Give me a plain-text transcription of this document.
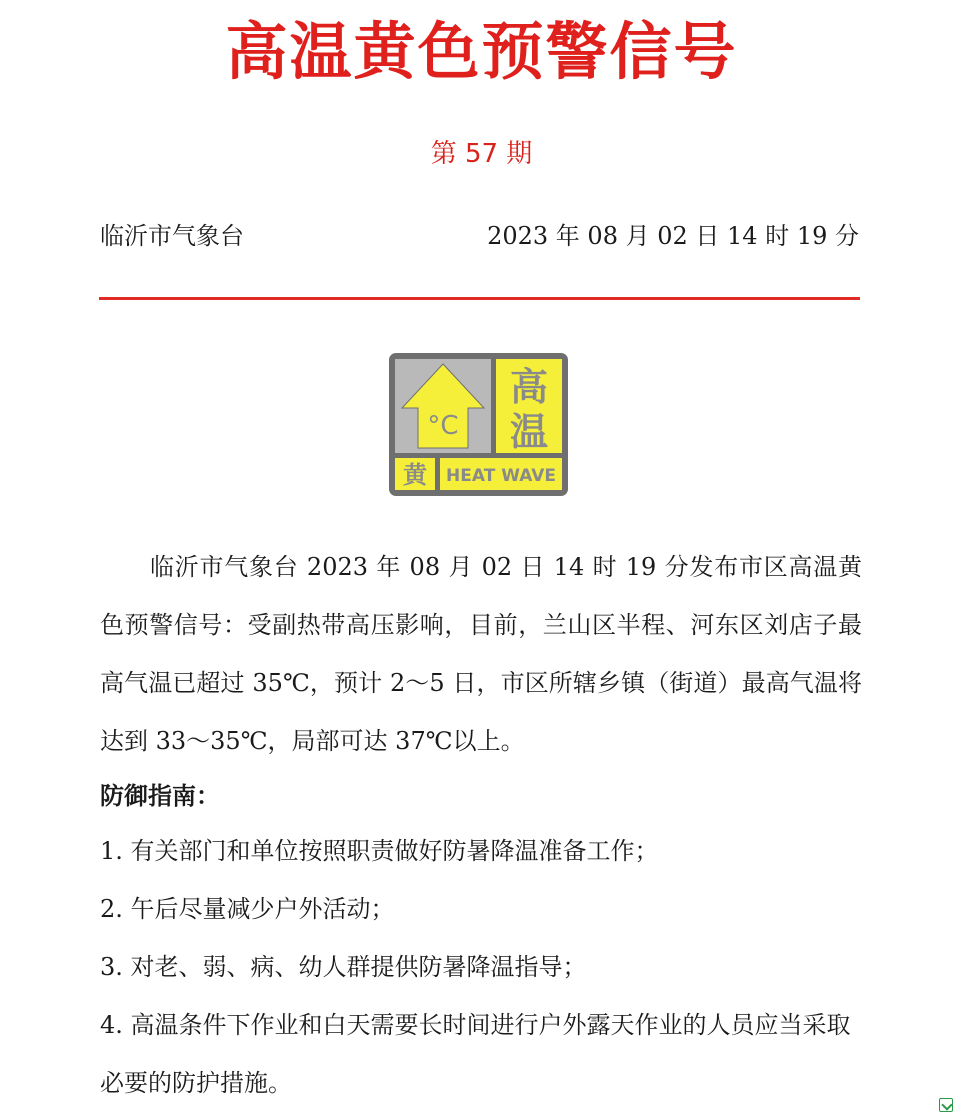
高温黄色预警信号
第 57 期
临沂市气象台	2023 年 08 月 02 日 14 时 19 分
°C
高
温
黄 HEAT WAVE
临沂市气象台 2023 年 08 月 02 日 14 时 19 分发布市区高温黄色预警信号：受副热带高压影响，目前，兰山区半程、河东区刘店子最高气温已超过 35℃，预计 2～5 日，市区所辖乡镇（街道）最高气温将达到 33～35℃，局部可达 37℃以上。
防御指南：
1. 有关部门和单位按照职责做好防暑降温准备工作；
2. 午后尽量减少户外活动；
3. 对老、弱、病、幼人群提供防暑降温指导；
4. 高温条件下作业和白天需要长时间进行户外露天作业的人员应当采取必要的防护措施。
